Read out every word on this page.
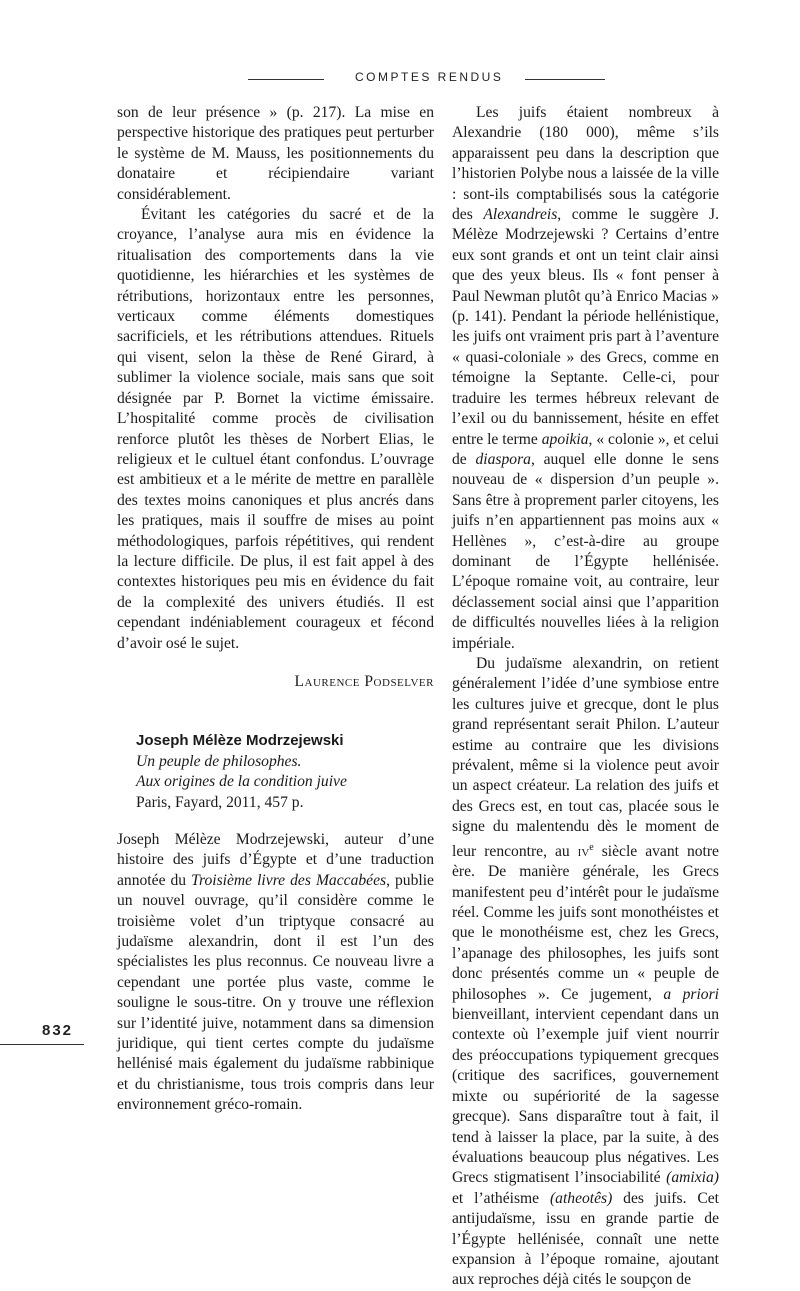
COMPTES RENDUS

son de leur présence » (p. 217). La mise en perspective historique des pratiques peut perturber le système de M. Mauss, les positionnements du donataire et récipiendaire variant considérablement.

Évitant les catégories du sacré et de la croyance, l’analyse aura mis en évidence la ritualisation des comportements dans la vie quotidienne, les hiérarchies et les systèmes de rétributions, horizontaux entre les personnes, verticaux comme éléments domestiques sacrificiels, et les rétributions attendues. Rituels qui visent, selon la thèse de René Girard, à sublimer la violence sociale, mais sans que soit désignée par P. Bornet la victime émissaire. L’hospitalité comme procès de civilisation renforce plutôt les thèses de Norbert Elias, le religieux et le cultuel étant confondus. L’ouvrage est ambitieux et a le mérite de mettre en parallèle des textes moins canoniques et plus ancrés dans les pratiques, mais il souffre de mises au point méthodologiques, parfois répétitives, qui rendent la lecture difficile. De plus, il est fait appel à des contextes historiques peu mis en évidence du fait de la complexité des univers étudiés. Il est cependant indéniablement courageux et fécond d’avoir osé le sujet.

Laurence Podselver

Joseph Mélèze Modrzejewski

Un peuple de philosophes.
Aux origines de la condition juive
Paris, Fayard, 2011, 457 p.

Joseph Mélèze Modrzejewski, auteur d’une histoire des juifs d’Égypte et d’une traduction annotée du Troisième livre des Maccabées, publie un nouvel ouvrage, qu’il considère comme le troisième volet d’un triptyque consacré au judaïsme alexandrin, dont il est l’un des spécialistes les plus reconnus. Ce nouveau livre a cependant une portée plus vaste, comme le souligne le sous-titre. On y trouve une réflexion sur l’identité juive, notamment dans sa dimension juridique, qui tient certes compte du judaïsme hellénisé mais également du judaïsme rabbinique et du christianisme, tous trois compris dans leur environnement gréco-romain.

Les juifs étaient nombreux à Alexandrie (180 000), même s’ils apparaissent peu dans la description que l’historien Polybe nous a laissée de la ville : sont-ils comptabilisés sous la catégorie des Alexandreis, comme le suggère J. Mélèze Modrzejewski ? Certains d’entre eux sont grands et ont un teint clair ainsi que des yeux bleus. Ils « font penser à Paul Newman plutôt qu’à Enrico Macias » (p. 141). Pendant la période hellénistique, les juifs ont vraiment pris part à l’aventure « quasi-coloniale » des Grecs, comme en témoigne la Septante. Celle-ci, pour traduire les termes hébreux relevant de l’exil ou du bannissement, hésite en effet entre le terme apoikia, « colonie », et celui de diaspora, auquel elle donne le sens nouveau de « dispersion d’un peuple ». Sans être à proprement parler citoyens, les juifs n’en appartiennent pas moins aux « Hellènes », c’est-à-dire au groupe dominant de l’Égypte hellénisée. L’époque romaine voit, au contraire, leur déclassement social ainsi que l’apparition de difficultés nouvelles liées à la religion impériale.

Du judaïsme alexandrin, on retient généralement l’idée d’une symbiose entre les cultures juive et grecque, dont le plus grand représentant serait Philon. L’auteur estime au contraire que les divisions prévalent, même si la violence peut avoir un aspect créateur. La relation des juifs et des Grecs est, en tout cas, placée sous le signe du malentendu dès le moment de leur rencontre, au $iv^e$ siècle avant notre ère. De manière générale, les Grecs manifestent peu d’intérêt pour le judaïsme réel. Comme les juifs sont monothéistes et que le monothéisme est, chez les Grecs, l’apanage des philosophes, les juifs sont donc présentés comme un « peuple de philosophes ». Ce jugement, a priori bienveillant, intervient cependant dans un contexte où l’exemple juif vient nourrir des préoccupations typiquement grecques (critique des sacrifices, gouvernement mixte ou supériorité de la sagesse grecque). Sans disparaître tout à fait, il tend à laisser la place, par la suite, à des évaluations beaucoup plus négatives. Les Grecs stigmatisent l’insociabilité (amixia) et l’athéisme (atheotês) des juifs. Cet antijudaïsme, issu en grande partie de l’Égypte hellénisée, connaît une nette expansion à l’époque romaine, ajoutant aux reproches déjà cités le soupçon de

832
